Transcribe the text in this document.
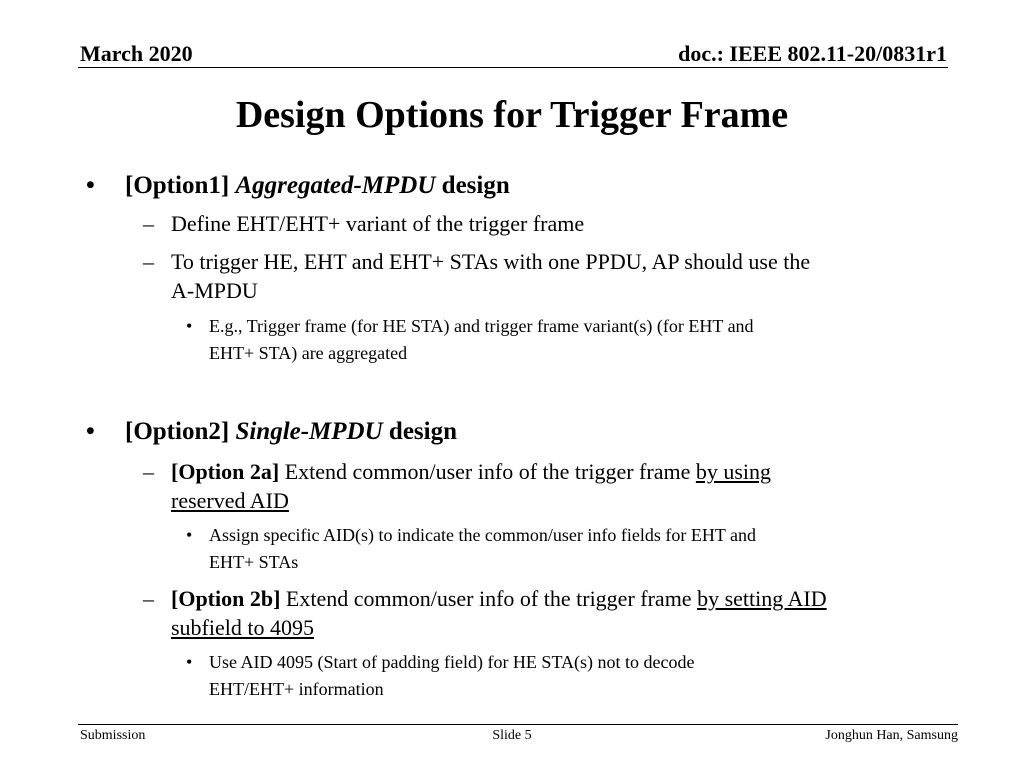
March 2020	doc.: IEEE 802.11-20/0831r1
Design Options for Trigger Frame
• [Option1] Aggregated-MPDU design
– Define EHT/EHT+ variant of the trigger frame
– To trigger HE, EHT and EHT+ STAs with one PPDU, AP should use the
A-MPDU
• E.g., Trigger frame (for HE STA) and trigger frame variant(s) (for EHT and
EHT+ STA) are aggregated
• [Option2] Single-MPDU design
– [Option 2a] Extend common/user info of the trigger frame by using
reserved AID
• Assign specific AID(s) to indicate the common/user info fields for EHT and
EHT+ STAs
– [Option 2b] Extend common/user info of the trigger frame by setting AID
subfield to 4095
• Use AID 4095 (Start of padding field) for HE STA(s) not to decode
EHT/EHT+ information
Submission	Slide 5	Jonghun Han, Samsung
